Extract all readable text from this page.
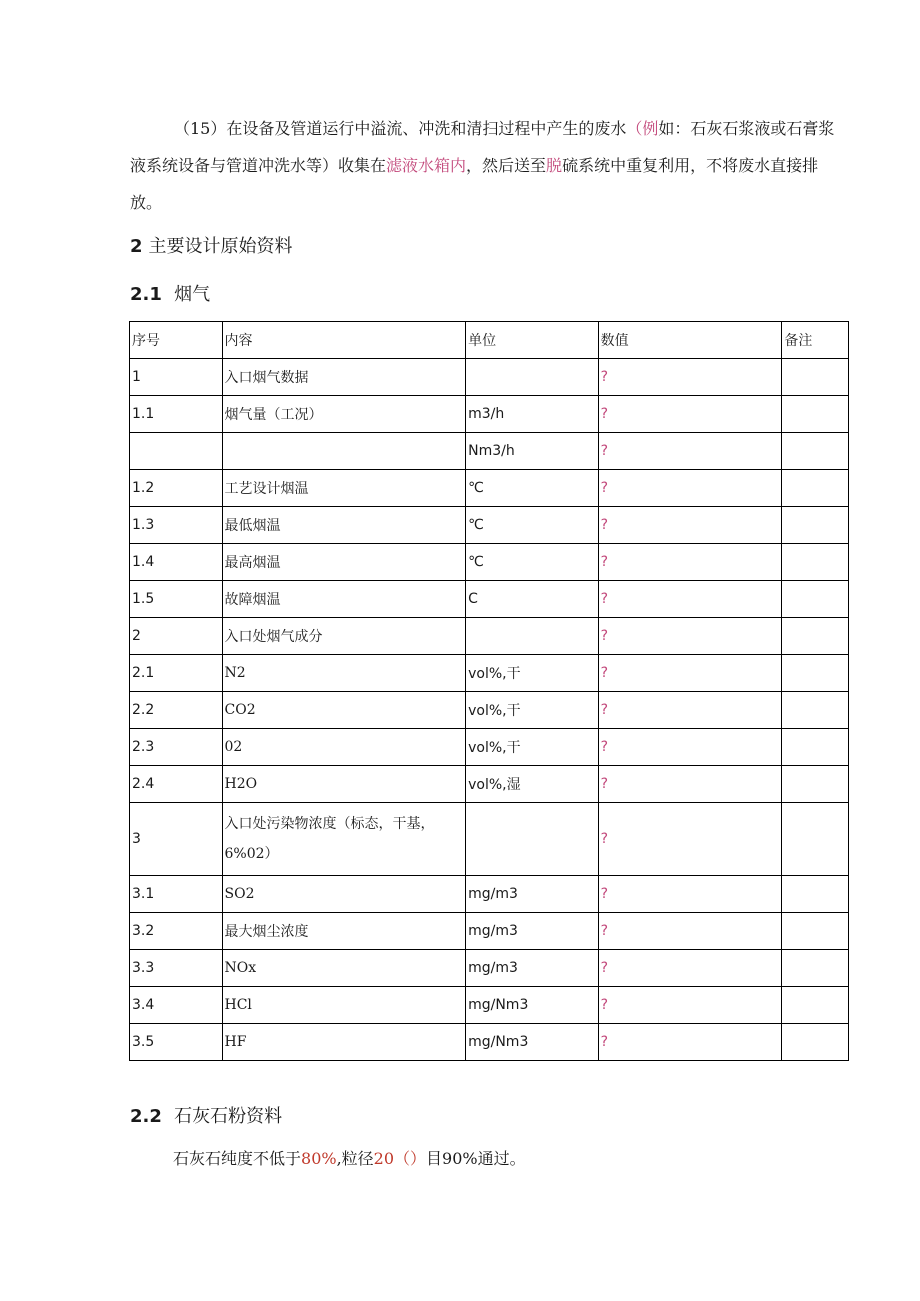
（15）在设备及管道运行中溢流、冲洗和清扫过程中产生的废水（例如：石灰石浆液或石膏浆液系统设备与管道冲洗水等）收集在滤液水箱内，然后送至脱硫系统中重复利用，不将废水直接排放。

2 主要设计原始资料
2.1 烟气
序号	内容	单位	数值	备注
1	入口烟气数据		?	
1.1	烟气量（工况）	m3∕h	?	
		Nm3∕h	?	
1.2	工艺设计烟温	℃	?	
1.3	最低烟温	℃	?	
1.4	最高烟温	℃	?	
1.5	故障烟温	C	?	
2	入口处烟气成分		?	
2.1	N2	vol%,干	?	
2.2	CO2	vol%,干	?	
2.3	02	vol%,干	?	
2.4	H2O	vol%,湿	?	
3	入口处污染物浓度（标态，干基，6%02）		?	
3.1	SO2	mg∕m3	?	
3.2	最大烟尘浓度	mg∕m3	?	
3.3	NOx	mg∕m3	?	
3.4	HCl	mg∕Nm3	?	
3.5	HF	mg∕Nm3	?	
2.2 石灰石粉资料

石灰石纯度不低于80%,粒径20（）目90%通过。
